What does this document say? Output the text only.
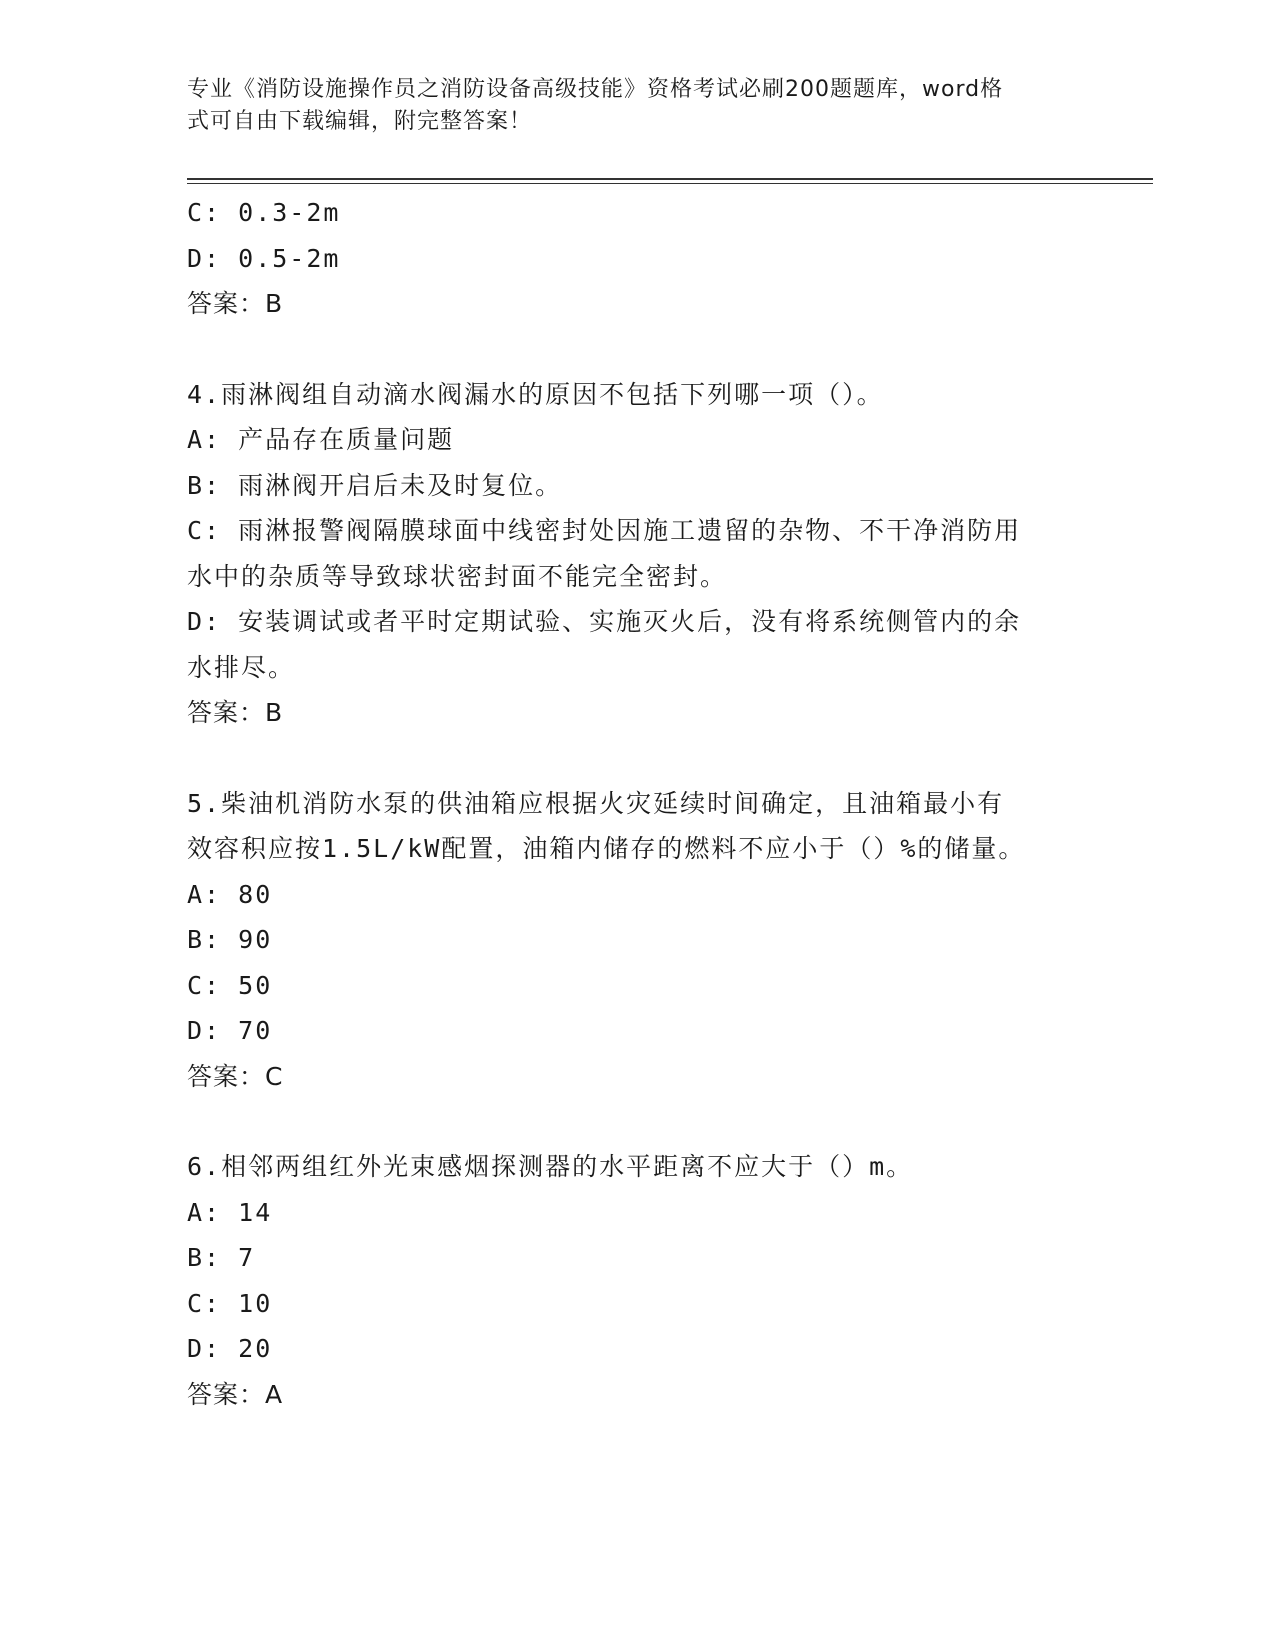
专业《消防设施操作员之消防设备高级技能》资格考试必刷200题题库，word格
式可自由下载编辑，附完整答案！
C: 0.3-2m
D: 0.5-2m
答案：B
4.雨淋阀组自动滴水阀漏水的原因不包括下列哪一项（）。
A: 产品存在质量问题
B: 雨淋阀开启后未及时复位。
C: 雨淋报警阀隔膜球面中线密封处因施工遗留的杂物、不干净消防用
水中的杂质等导致球状密封面不能完全密封。
D: 安装调试或者平时定期试验、实施灭火后，没有将系统侧管内的余
水排尽。
答案：B
5.柴油机消防水泵的供油箱应根据火灾延续时间确定，且油箱最小有
效容积应按1.5L/kW配置，油箱内储存的燃料不应小于（）%的储量。
A: 80
B: 90
C: 50
D: 70
答案：C
6.相邻两组红外光束感烟探测器的水平距离不应大于（）m。
A: 14
B: 7
C: 10
D: 20
答案：A
